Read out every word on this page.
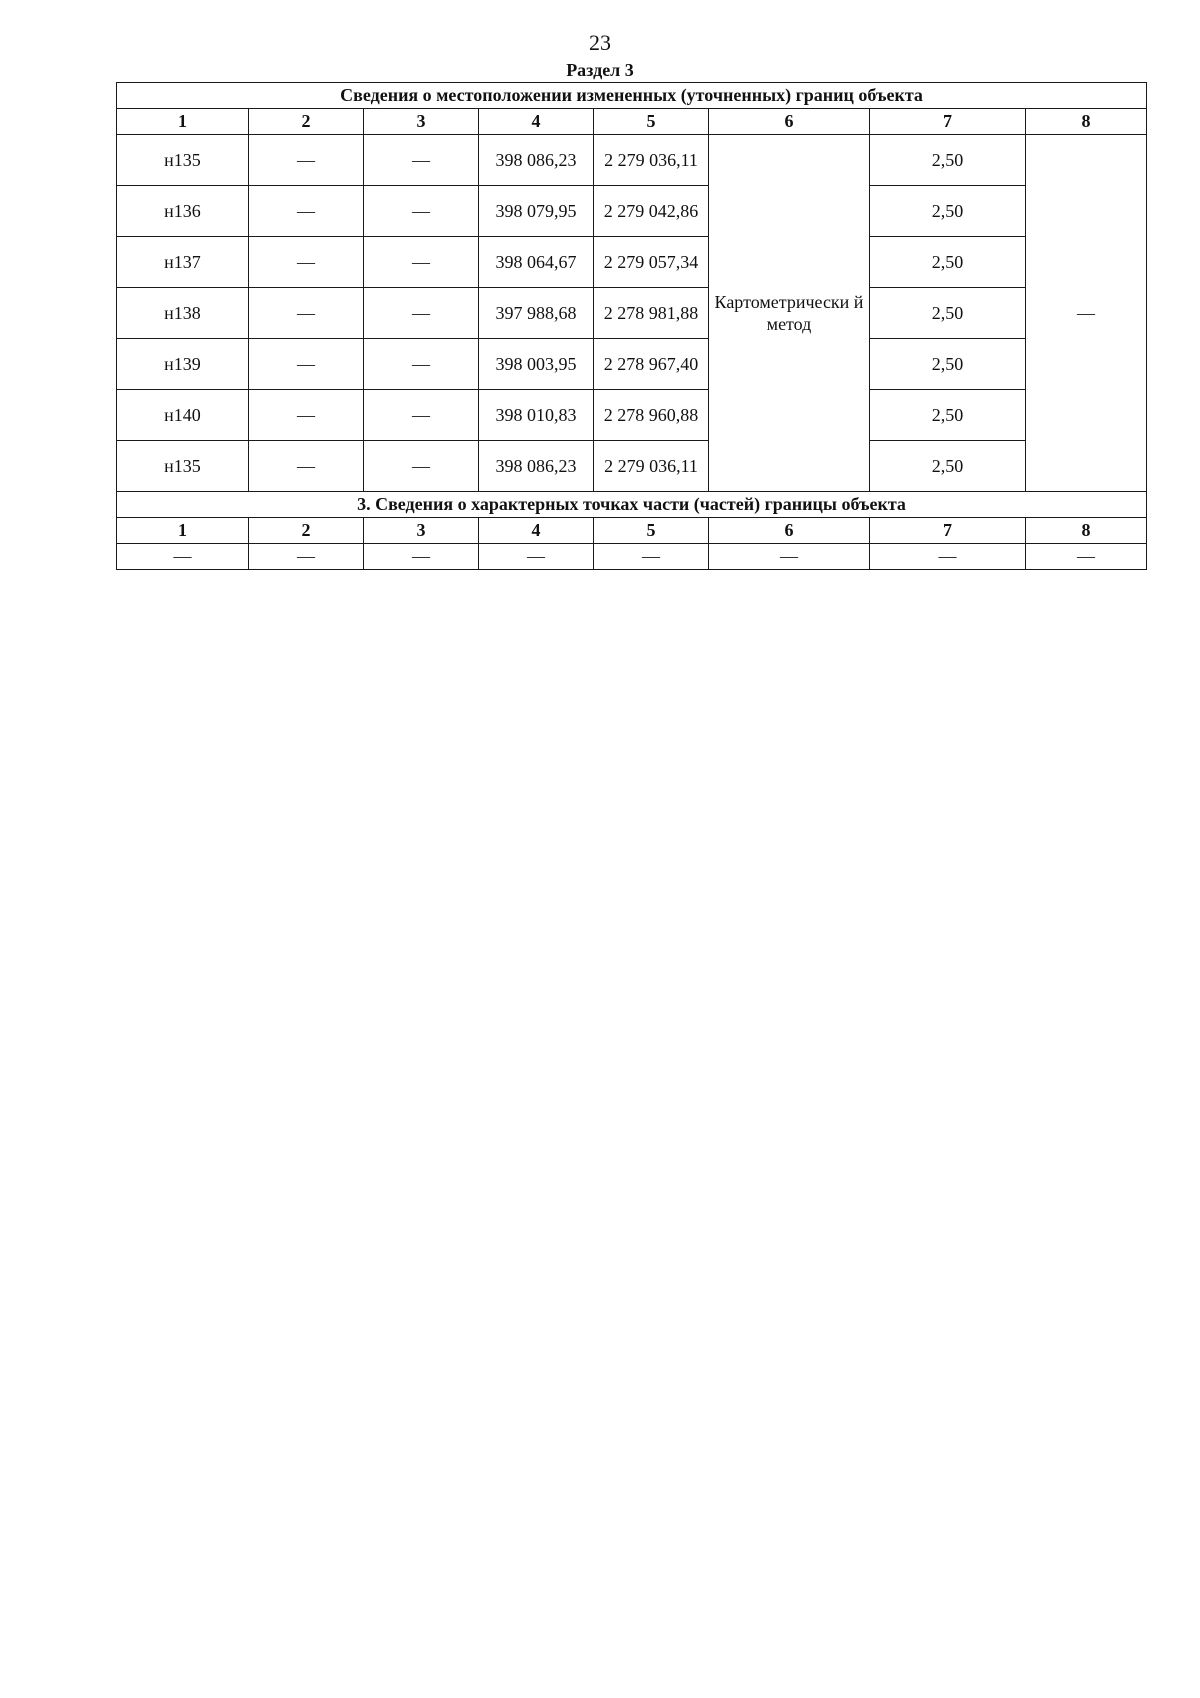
23
Раздел 3
Сведения о местоположении измененных (уточненных) границ объекта							
1	2	3	4	5	6	7	8
н135	—	—	398 086,23	2 279 036,11	Картометрически й метод	2,50	—
н136	—	—	398 079,95	2 279 042,86		2,50	
н137	—	—	398 064,67	2 279 057,34		2,50	
н138	—	—	397 988,68	2 278 981,88		2,50	
н139	—	—	398 003,95	2 278 967,40		2,50	
н140	—	—	398 010,83	2 278 960,88		2,50	
н135	—	—	398 086,23	2 279 036,11		2,50	
3. Сведения о характерных точках части (частей) границы объекта							
1	2	3	4	5	6	7	8
—	—	—	—	—	—	—	—
